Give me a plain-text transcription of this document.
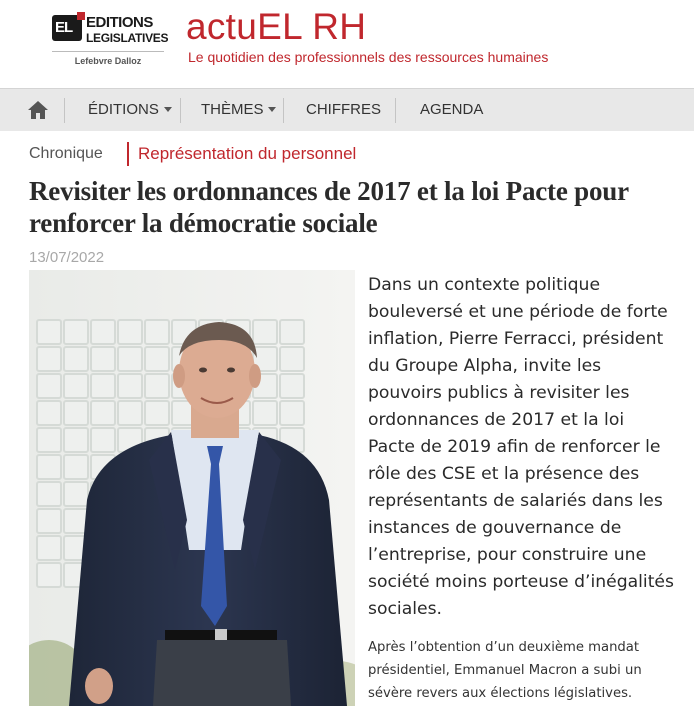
EL EDITIONS
LEGISLATIVES
Lefebvre Dalloz
actuEL RH
Le quotidien des professionnels des ressources humaines
ÉDITIONS	THÈMES	CHIFFRES	AGENDA
Chronique Représentation du personnel
Revisiter les ordonnances de 2017 et la loi Pacte pour renforcer la démocratie sociale
13/07/2022
Dans un contexte politique
bouleversé et une période de forte
inflation, Pierre Ferracci, président
du Groupe Alpha, invite les
pouvoirs publics à revisiter les
ordonnances de 2017 et la loi
Pacte de 2019 afin de renforcer le
rôle des CSE et la présence des
représentants de salariés dans les
instances de gouvernance de
l’entreprise, pour construire une
société moins porteuse d’inégalités
sociales.
Après l’obtention d’un deuxième mandat
présidentiel, Emmanuel Macron a subi un
sévère revers aux élections législatives.
